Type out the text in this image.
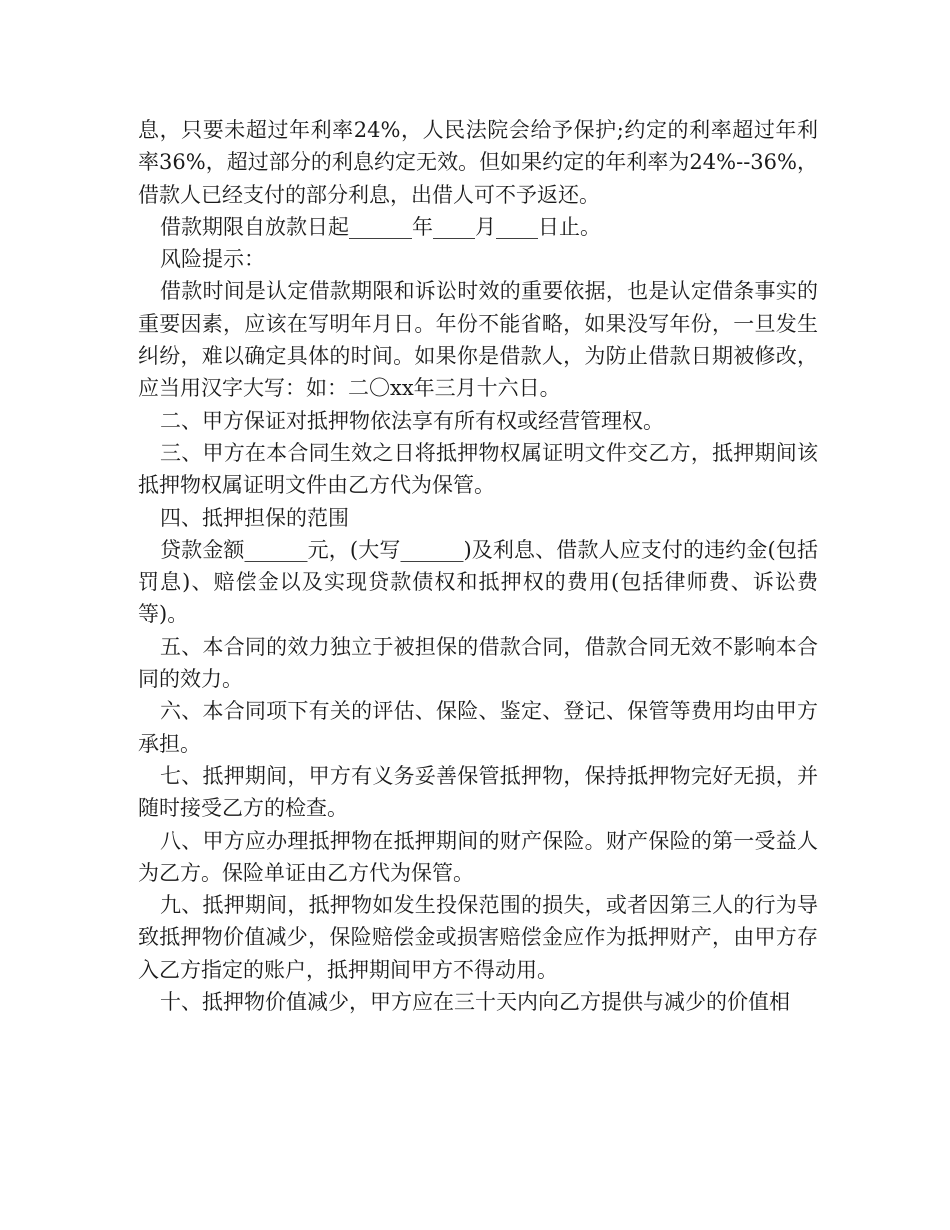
息，只要未超过年利率24%，人民法院会给予保护;约定的利率超过年利率36%，超过部分的利息约定无效。但如果约定的年利率为24%--36%，借款人已经支付的部分利息，出借人可不予返还。

借款期限自放款日起______年____月____日止。

风险提示：

借款时间是认定借款期限和诉讼时效的重要依据，也是认定借条事实的重要因素，应该在写明年月日。年份不能省略，如果没写年份，一旦发生纠纷，难以确定具体的时间。如果你是借款人，为防止借款日期被修改，应当用汉字大写：如：二〇xx年三月十六日。

二、甲方保证对抵押物依法享有所有权或经营管理权。

三、甲方在本合同生效之日将抵押物权属证明文件交乙方，抵押期间该抵押物权属证明文件由乙方代为保管。

四、抵押担保的范围

贷款金额______元，(大写______)及利息、借款人应支付的违约金(包括罚息)、赔偿金以及实现贷款债权和抵押权的费用(包括律师费、诉讼费等)。

五、本合同的效力独立于被担保的借款合同，借款合同无效不影响本合同的效力。

六、本合同项下有关的评估、保险、鉴定、登记、保管等费用均由甲方承担。

七、抵押期间，甲方有义务妥善保管抵押物，保持抵押物完好无损，并随时接受乙方的检查。

八、甲方应办理抵押物在抵押期间的财产保险。财产保险的第一受益人为乙方。保险单证由乙方代为保管。

九、抵押期间，抵押物如发生投保范围的损失，或者因第三人的行为导致抵押物价值减少，保险赔偿金或损害赔偿金应作为抵押财产，由甲方存入乙方指定的账户，抵押期间甲方不得动用。

十、抵押物价值减少，甲方应在三十天内向乙方提供与减少的价值相
